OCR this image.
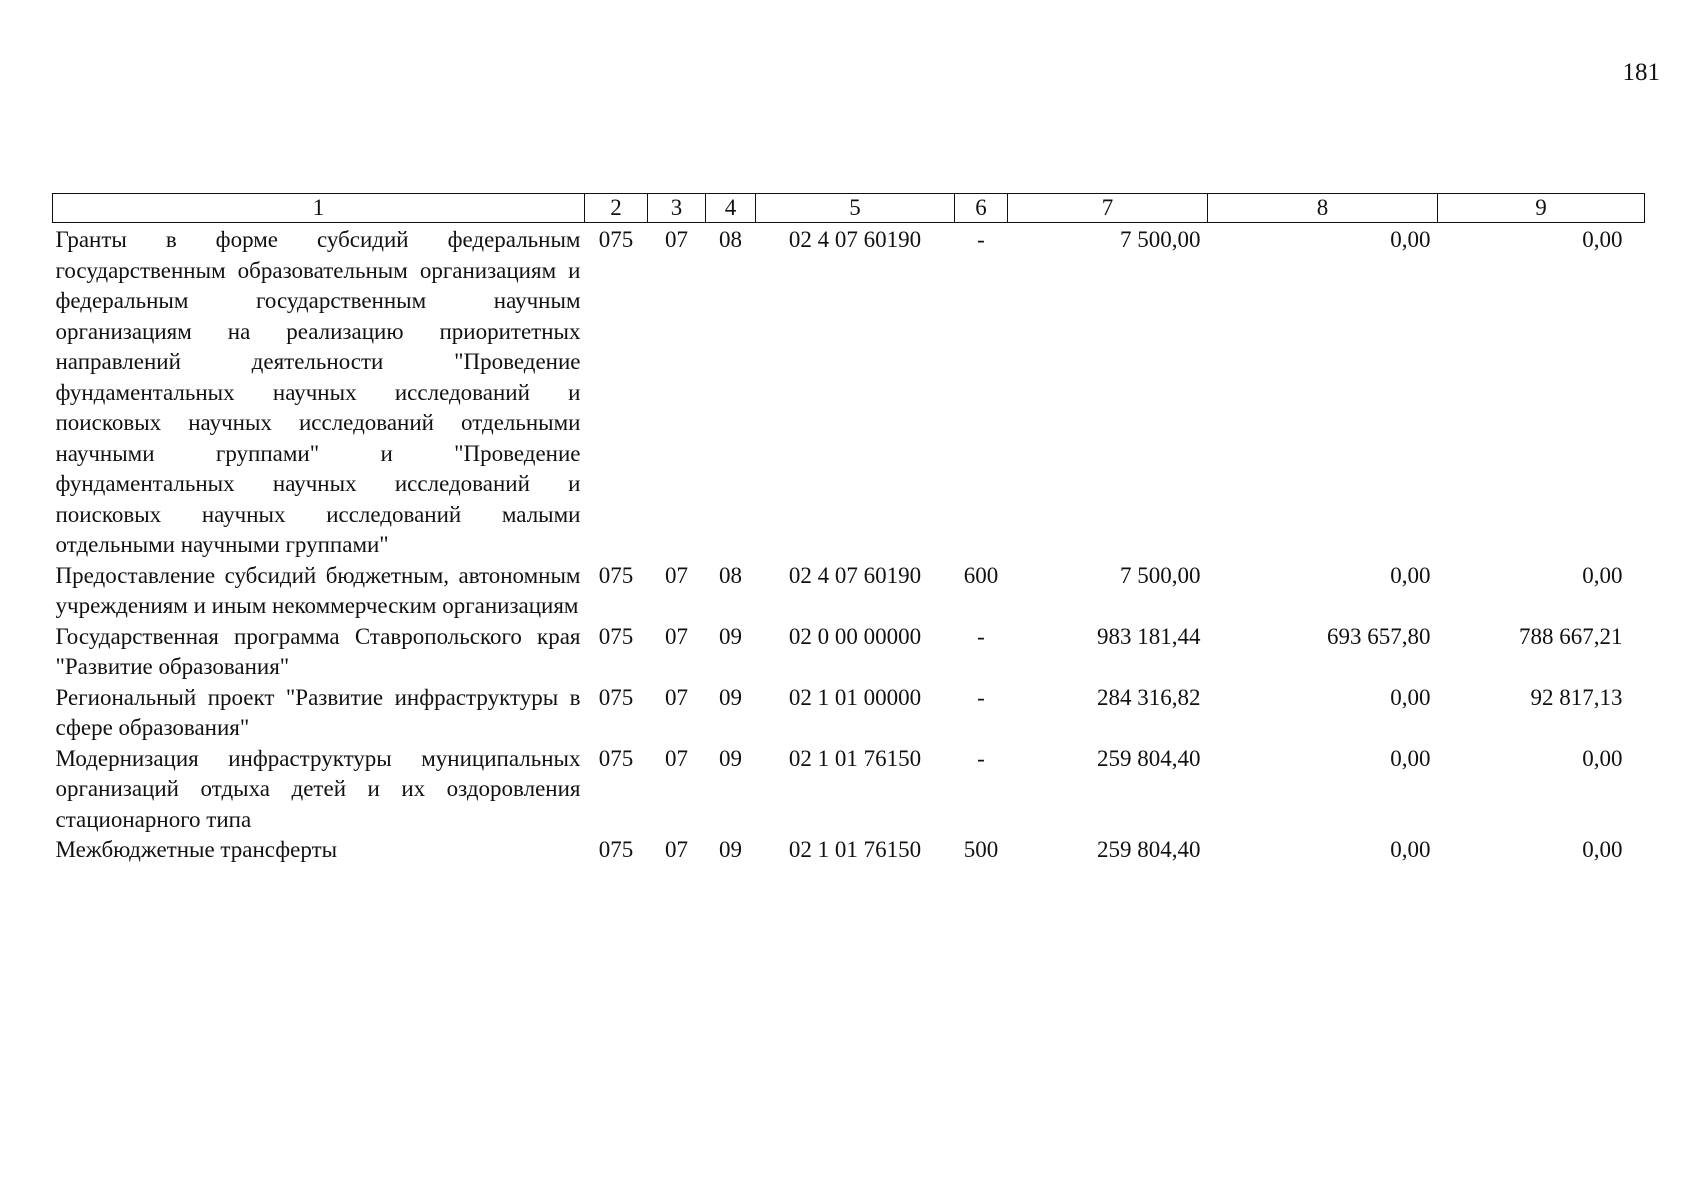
181
1	2	3	4	5	6	7	8	9
Гранты в форме субсидий федеральным государственным образовательным организациям и федеральным государственным научным организациям на реализацию приоритетных направлений деятельности "Проведение фундаментальных научных исследований и поисковых научных исследований отдельными научными группами" и "Проведение фундаментальных научных исследований и поисковых научных исследований малыми отдельными научными группами"	075	07	08	02 4 07 60190	-	7 500,00	0,00	0,00
Предоставление субсидий бюджетным, автономным учреждениям и иным некоммерческим организациям	075	07	08	02 4 07 60190	600	7 500,00	0,00	0,00
Государственная программа Ставропольского края "Развитие образования"	075	07	09	02 0 00 00000	-	983 181,44	693 657,80	788 667,21
Региональный проект "Развитие инфраструктуры в сфере образования"	075	07	09	02 1 01 00000	-	284 316,82	0,00	92 817,13
Модернизация инфраструктуры муниципальных организаций отдыха детей и их оздоровления стационарного типа	075	07	09	02 1 01 76150	-	259 804,40	0,00	0,00
Межбюджетные трансферты	075	07	09	02 1 01 76150	500	259 804,40	0,00	0,00
